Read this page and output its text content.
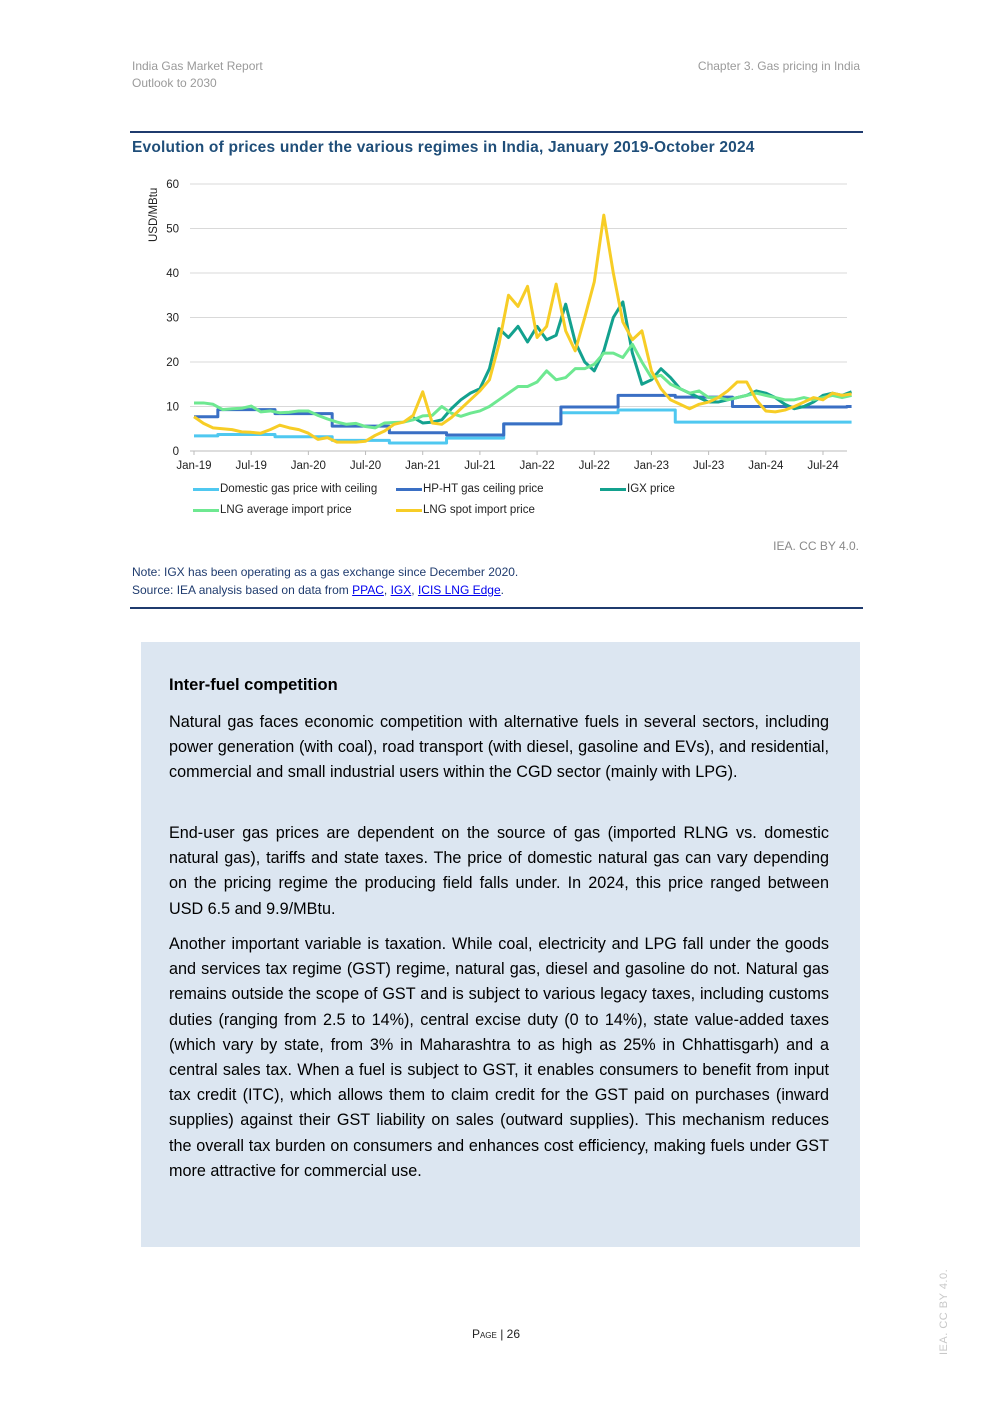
India Gas Market Report
Outlook to 2030
Chapter 3. Gas pricing in India
Evolution of prices under the various regimes in India, January 2019-October 2024
0
10
20
30
40
50
60
USD/MBtu
Jan-19 Jul-19 Jan-20 Jul-20 Jan-21 Jul-21 Jan-22 Jul-22 Jan-23 Jul-23 Jan-24 Jul-24
Domestic gas price with ceiling	HP-HT gas ceiling price	IGX price
LNG average import price	LNG spot import price
IEA. CC BY 4.0.
Note: IGX has been operating as a gas exchange since December 2020.
Source: IEA analysis based on data from PPAC, IGX, ICIS LNG Edge.
Inter-fuel competition

Natural gas faces economic competition with alternative fuels in several sectors, including power generation (with coal), road transport (with diesel, gasoline and EVs), and residential, commercial and small industrial users within the CGD sector (mainly with LPG).

End-user gas prices are dependent on the source of gas (imported RLNG vs. domestic natural gas), tariffs and state taxes. The price of domestic natural gas can vary depending on the pricing regime the producing field falls under. In 2024, this price ranged between USD 6.5 and 9.9/MBtu.

Another important variable is taxation. While coal, electricity and LPG fall under the goods and services tax regime (GST) regime, natural gas, diesel and gasoline do not. Natural gas remains outside the scope of GST and is subject to various legacy taxes, including customs duties (ranging from 2.5 to 14%), central excise duty (0 to 14%), state value-added taxes (which vary by state, from 3% in Maharashtra to as high as 25% in Chhattisgarh) and a central sales tax. When a fuel is subject to GST, it enables consumers to benefit from input tax credit (ITC), which allows them to claim credit for the GST paid on purchases (inward supplies) against their GST liability on sales (outward supplies). This mechanism reduces the overall tax burden on consumers and enhances cost efficiency, making fuels under GST more attractive for commercial use.

Page | 26	IEA. CC BY 4.0.
